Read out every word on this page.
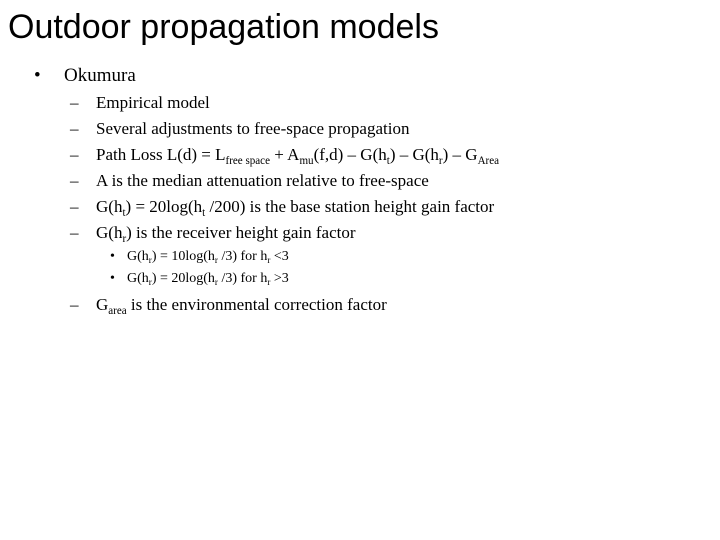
Outdoor propagation models
• Okumura
– Empirical model
– Several adjustments to free-space propagation
– Path Loss $L(d) = L_{free space} + A_{mu}(f,d) - G(h_t) - G(h_r) - G_{Area}$
– A is the median attenuation relative to free-space
– $G(h_t) = 20\log(h_t$ /200) is the base station height gain factor
– $G(h_r)$ is the receiver height gain factor
• $G(h_r) = 10\log(h_r$ /3) for $h_r <3$
• $G(h_r) = 20\log(h_r$ /3) for $h_r >3$
– $G_{area}$ is the environmental correction factor
